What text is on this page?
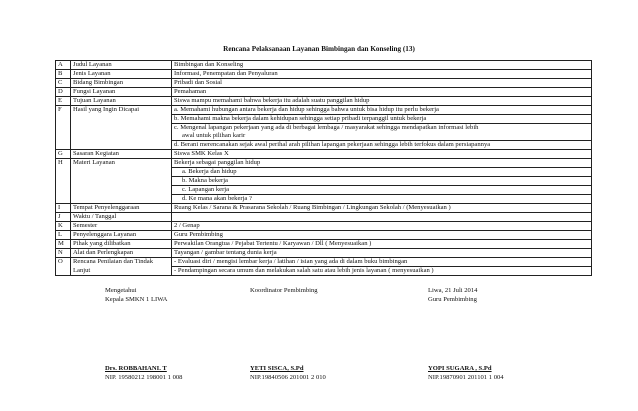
Rencana Pelaksanaan Layanan Bimbingan dan Konseling (13)
A	Judul Layanan	Bimbingan dan Konseling
B	Jenis Layanan	Informasi, Penempatan dan Penyaluran
C	Bidang Bimbingan	Pribadi dan Sosial
D	Fungsi Layanan	Pemahaman
E	Tujuan Layanan	Siswa mampu memahami bahwa bekerja itu adalah suatu panggilan hidup
F	Hasil yang Ingin Dicapai	a. Memahami hubungan antara bekerja dan hidup sehingga bahwa untuk bisa hidup itu perlu bekerja
		b. Memahami makna bekerja dalam kehidupan sehingga setiap pribadi terpanggil untuk bekerja
		c. Mengenal lapangan pekerjaan yang ada di berbagai lembaga / masyarakat sehingga mendapatkan informasi lebih
		awal untuk pilihan karir
		d. Berani merencanakan sejak awal perihal arah pilihan lapangan pekerjaan sehingga lebih terfokus dalam persiapannya
G	Sasaran Kegiatan	Siswa SMK Kelas X
H	Materi Layanan	Bekerja sebagai panggilan hidup
		a. Bekerja dan hidup
		b. Makna bekerja
		c. Lapangan kerja
		d. Ke mana akan bekerja ?
I	Tempat Penyelenggaraan	Ruang Kelas / Sarana & Prasarana Sekolah / Ruang Bimbingan / Lingkungan Sekolah / (Menyesuaikan )
J	Waktu / Tanggal	
K	Semester	2 / Genap
L	Penyelenggara Layanan	Guru Pembimbing
M	Pihak yang dilibatkan	Perwakilan Orangtua / Pejabat Tertentu / Karyawan / Dll ( Menyesuaikan )
N	Alat dan Perlengkapan	Tayangan / gambar tentang dunia kerja
O	Rencana Penilaian dan Tindak	- Evaluasi diri / mengisi lembar kerja / latihan / isian yang ada di dalam buku bimbingan
	Lanjut	- Pendampingan secara umum dan melakukan salah satu atau lebih jenis layanan ( menyesuaikan )
Mengetahui
Kepala SMKN 1 LIWA
Drs. ROBBAHANI. T
NIP. 19580212 198001 1 008
Koordinator Pembimbing
YETI SISCA, S.Pd
NIP.19840506 201001 2 010
Liwa, 21 Juli 2014
Guru Pembimbing
YOPI SUGARA , S.Pd
NIP.19870901 201101 1 004
